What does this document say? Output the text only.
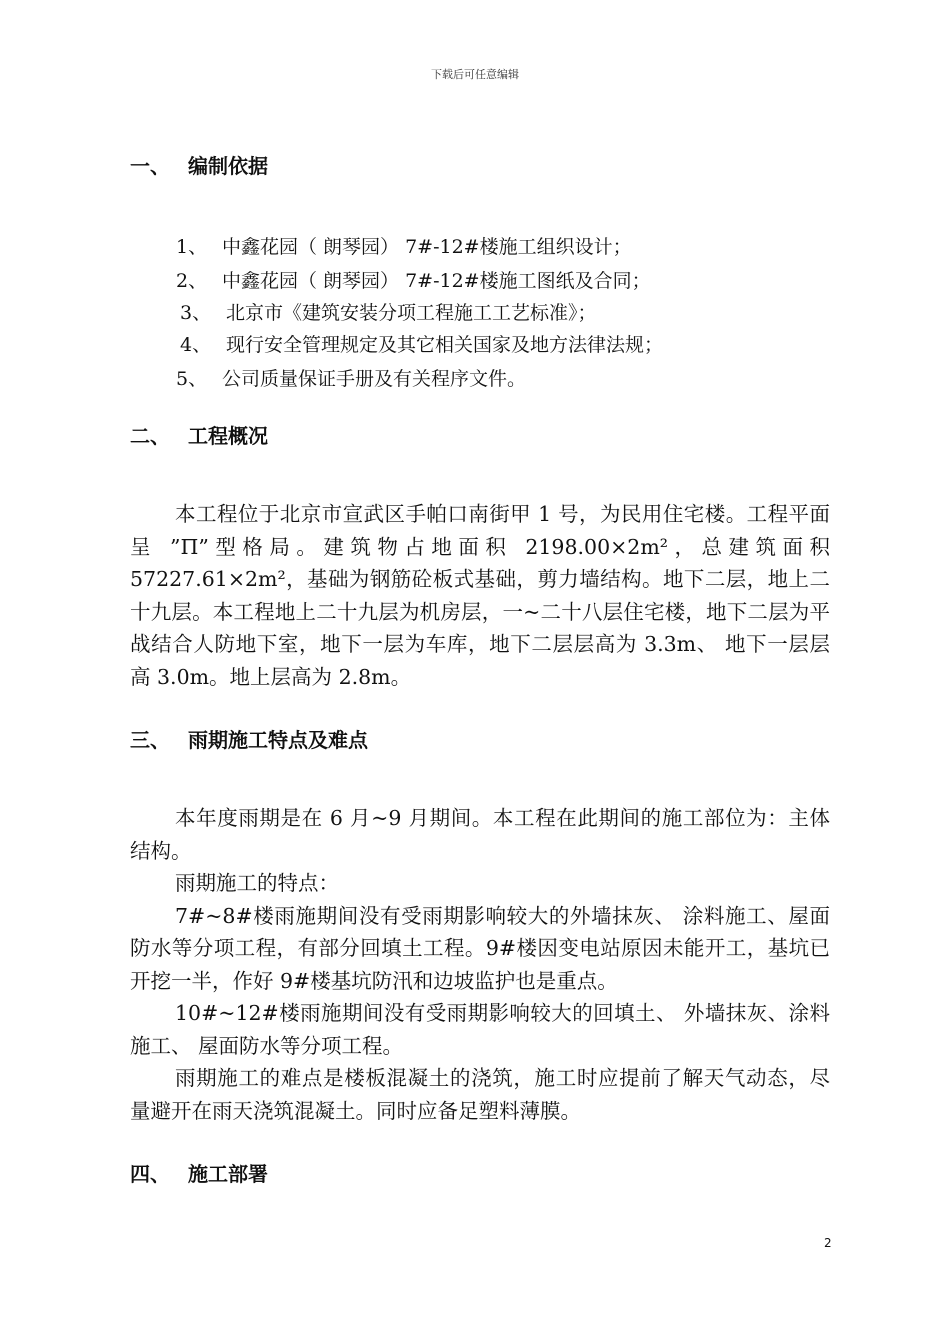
下载后可任意编辑
一、 编制依据
1、 中鑫花园（ 朗琴园） 7#-12#楼施工组织设计；
2、 中鑫花园（ 朗琴园） 7#-12#楼施工图纸及合同；
3、 北京市《建筑安装分项工程施工工艺标准》；
4、 现行安全管理规定及其它相关国家及地方法律法规；
5、 公司质量保证手册及有关程序文件。
二、 工程概况

本工程位于北京市宣武区手帕口南街甲 1 号，为民用住宅楼。工程平面呈 ”Π”型格局。建筑物占地面积 2198.00×2m²，总建筑面积 57227.61×2m²，基础为钢筋砼板式基础，剪力墙结构。地下二层，地上二十九层。本工程地上二十九层为机房层，一~二十八层住宅楼，地下二层为平战结合人防地下室，地下一层为车库，地下二层层高为 3.3m、 地下一层层高 3.0m。地上层高为 2.8m。

三、 雨期施工特点及难点

本年度雨期是在 6 月~9 月期间。本工程在此期间的施工部位为：主体结构。

雨期施工的特点：

7#~8#楼雨施期间没有受雨期影响较大的外墙抹灰、 涂料施工、屋面防水等分项工程，有部分回填土工程。9#楼因变电站原因未能开工，基坑已开挖一半，作好 9#楼基坑防汛和边坡监护也是重点。

10#~12#楼雨施期间没有受雨期影响较大的回填土、 外墙抹灰、涂料施工、 屋面防水等分项工程。

雨期施工的难点是楼板混凝土的浇筑，施工时应提前了解天气动态，尽量避开在雨天浇筑混凝土。同时应备足塑料薄膜。

四、 施工部署
2
